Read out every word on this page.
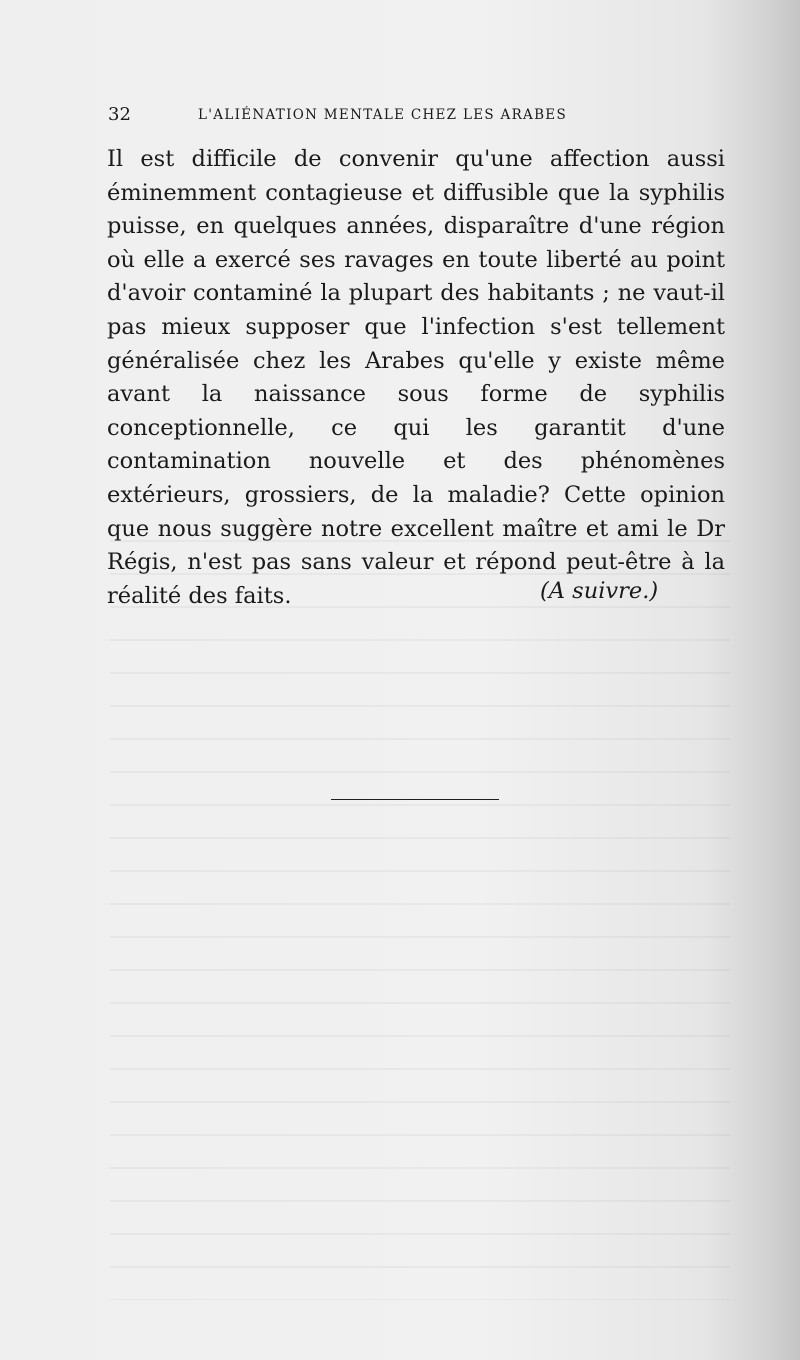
32	L'ALIÉNATION MENTALE CHEZ LES ARABES

Il est difficile de convenir qu'une affection aussi éminemment contagieuse et diffusible que la syphilis puisse, en quelques années, disparaître d'une région où elle a exercé ses ravages en toute liberté au point d'avoir contaminé la plupart des habitants ; ne vaut-il pas mieux supposer que l'infection s'est tellement généralisée chez les Arabes qu'elle y existe même avant la naissance sous forme de syphilis conceptionnelle, ce qui les garantit d'une contamination nouvelle et des phénomènes extérieurs, grossiers, de la maladie? Cette opinion que nous suggère notre excellent maître et ami le Dr Régis, n'est pas sans valeur et répond peut-être à la réalité des faits.	(A suivre.)
